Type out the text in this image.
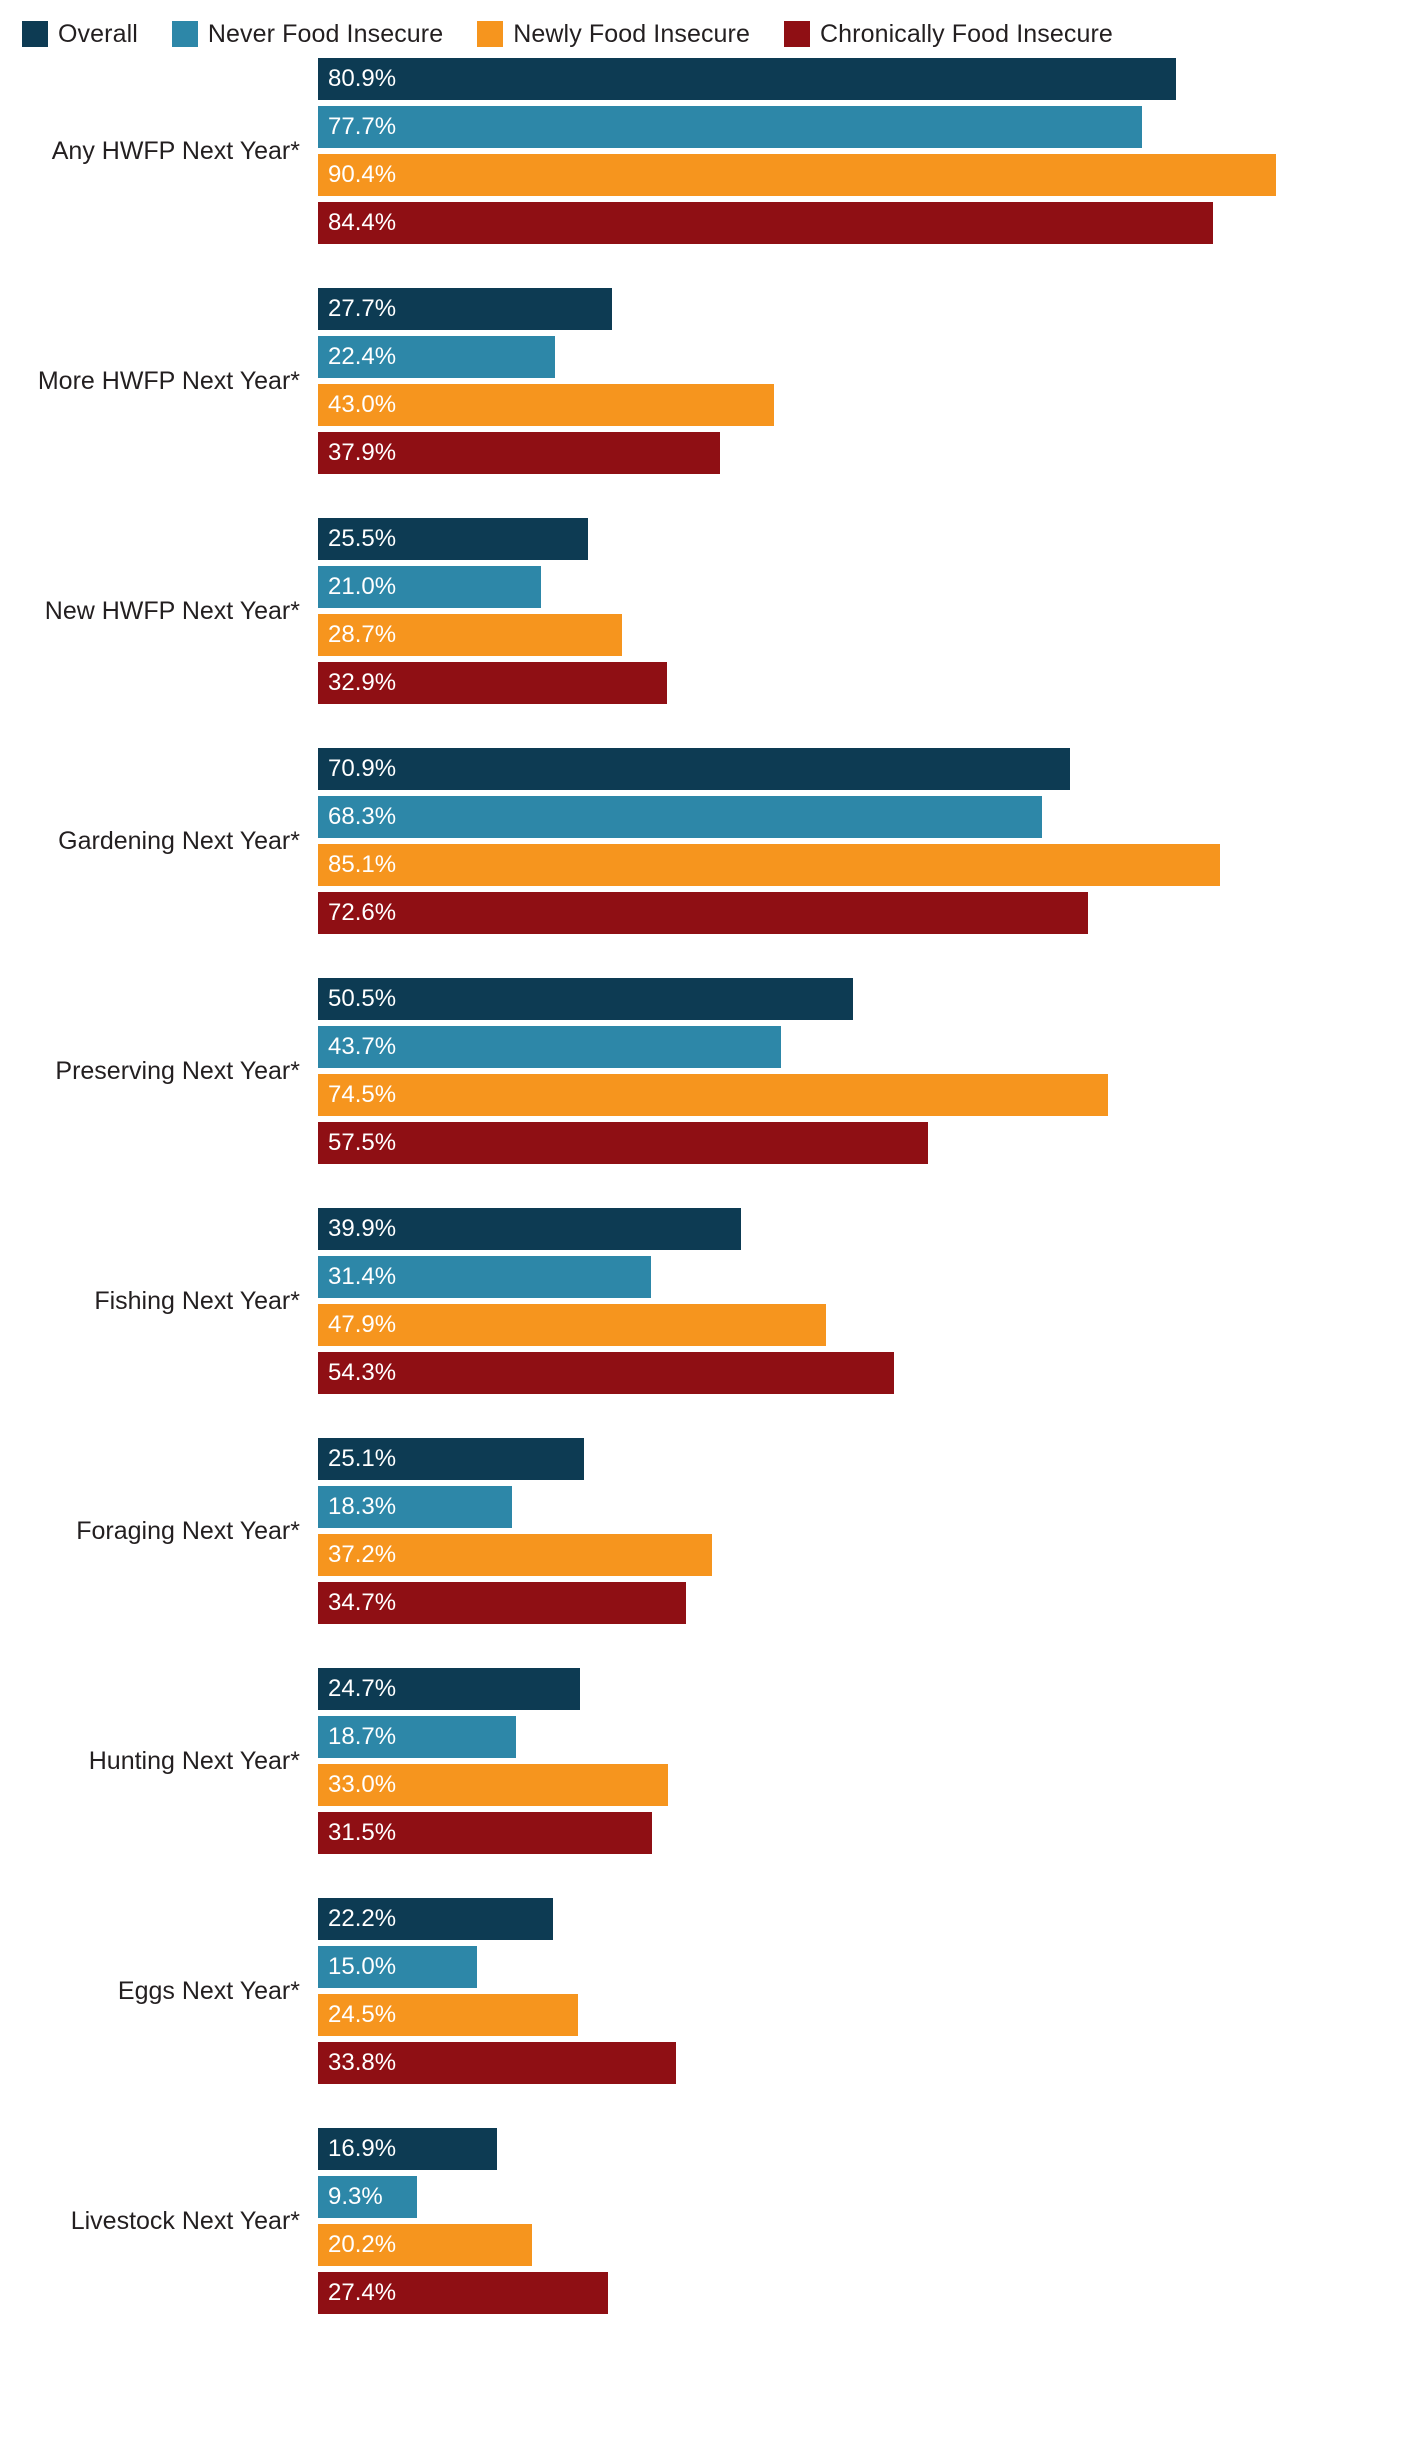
Overall	Never Food Insecure	Newly Food Insecure	Chronically Food Insecure
Any HWFP Next Year*
80.9%
77.7%
90.4%
84.4%
More HWFP Next Year*
27.7%
22.4%
43.0%
37.9%
New HWFP Next Year*
25.5%
21.0%
28.7%
32.9%
Gardening Next Year*
70.9%
68.3%
85.1%
72.6%
Preserving Next Year*
50.5%
43.7%
74.5%
57.5%
Fishing Next Year*
39.9%
31.4%
47.9%
54.3%
Foraging Next Year*
25.1%
18.3%
37.2%
34.7%
Hunting Next Year*
24.7%
18.7%
33.0%
31.5%
Eggs Next Year*
22.2%
15.0%
24.5%
33.8%
Livestock Next Year*
16.9%
9.3%
20.2%
27.4%
